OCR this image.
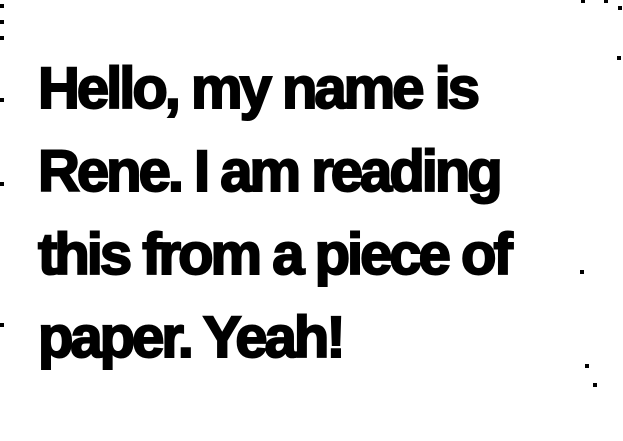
Hello, my name is
Rene. I am reading
this from a piece of
paper. Yeah!
